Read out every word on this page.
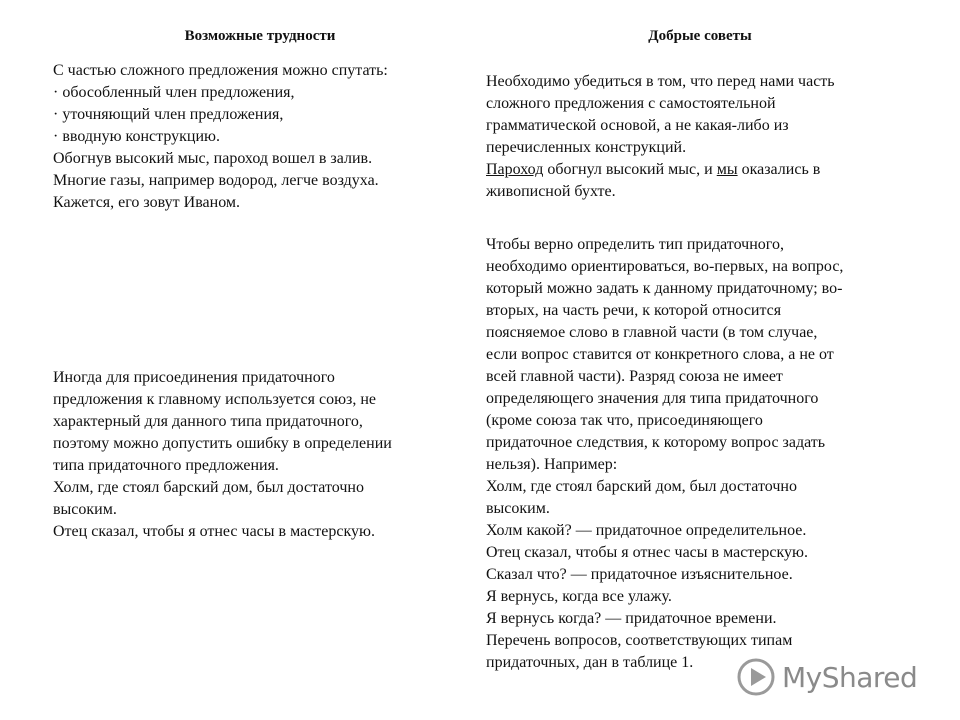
Возможные трудности	Добрые советы
С частью сложного предложения можно спутать:
· обособленный член предложения,
· уточняющий член предложения,
· вводную конструкцию.
Обогнув высокий мыс, пароход вошел в залив.
Многие газы, например водород, легче воздуха.
Кажется, его зовут Иваном.
Иногда для присоединения придаточного
предложения к главному используется союз, не
характерный для данного типа придаточного,
поэтому можно допустить ошибку в определении
типа придаточного предложения.
Холм, где стоял барский дом, был достаточно
высоким.
Отец сказал, чтобы я отнес часы в мастерскую.
Необходимо убедиться в том, что перед нами часть
сложного предложения с самостоятельной
грамматической основой, а не какая-либо из
перечисленных конструкций.
Пароход обогнул высокий мыс, и мы оказались в
живописной бухте.
Чтобы верно определить тип придаточного,
необходимо ориентироваться, во-первых, на вопрос,
который можно задать к данному придаточному; во-
вторых, на часть речи, к которой относится
поясняемое слово в главной части (в том случае,
если вопрос ставится от конкретного слова, а не от
всей главной части). Разряд союза не имеет
определяющего значения для типа придаточного
(кроме союза так что, присоединяющего
придаточное следствия, к которому вопрос задать
нельзя). Например:
Холм, где стоял барский дом, был достаточно
высоким.
Холм какой? — придаточное определительное.
Отец сказал, чтобы я отнес часы в мастерскую.
Сказал что? — придаточное изъяснительное.
Я вернусь, когда все улажу.
Я вернусь когда? — придаточное времени.
Перечень вопросов, соответствующих типам
придаточных, дан в таблице 1.	MyShared
